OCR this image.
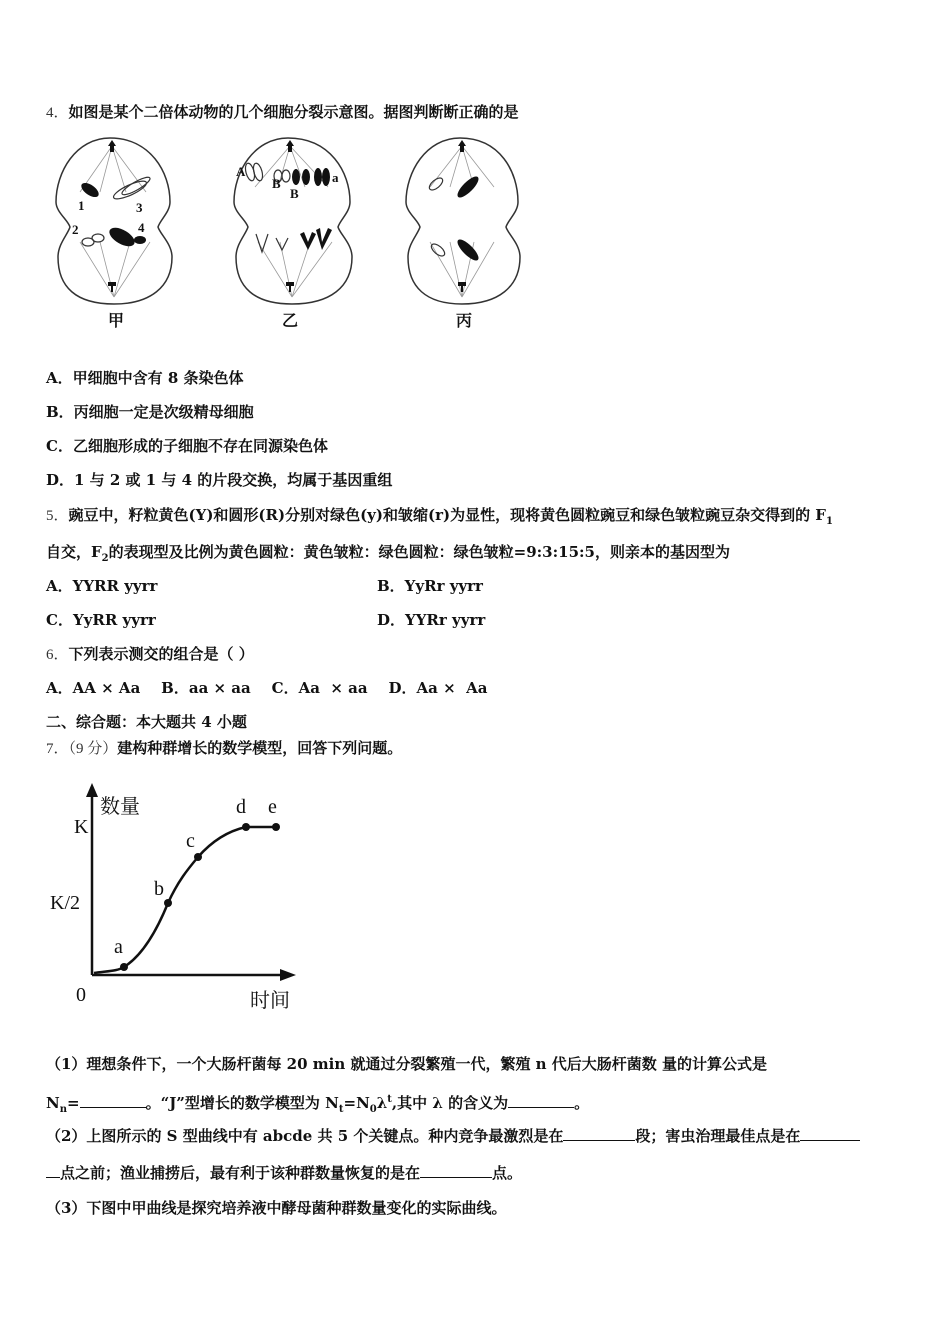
4．如图是某个二倍体动物的几个细胞分裂示意图。据图判断断正确的是
1	3
2	4
A
B
B
a
甲	乙	丙
A．甲细胞中含有 8 条染色体
B．丙细胞一定是次级精母细胞
C．乙细胞形成的子细胞不存在同源染色体
D．1 与 2 或 1 与 4 的片段交换，均属于基因重组
5．豌豆中，籽粒黄色(Y)和圆形(R)分别对绿色(y)和皱缩(r)为显性，现将黄色圆粒豌豆和绿色皱粒豌豆杂交得到的 $F_1$
自交，$F_2$的表现型及比例为黄色圆粒：黄色皱粒：绿色圆粒：绿色皱粒=9:3:15:5，则亲本的基因型为
A．YYRR yyrr	B．YyRr yyrr
C．YyRR yyrr	D．YYRr yyrr
6．下列表示测交的组合是（ ）
A．AA × Aa    B．aa × aa    C．Aa  × aa    D．Aa ×  Aa
二、综合题：本大题共 4 小题
7．（9 分）建构种群增长的数学模型，回答下列问题。
数量
时间
K
K/2
0
a
b
c
d e
（1）理想条件下，一个大肠杆菌每 20 min 就通过分裂繁殖一代，繁殖 n 代后大肠杆菌数 量的计算公式是
$N_n=$	。“J”型增长的数学模型为 $N_t=N_0\lambda^t$,其中 λ 的含义为	。
（2）上图所示的 S 型曲线中有 abcde 共 5 个关键点。种内竞争最激烈是在	段；害虫治理最佳点是在
点之前；渔业捕捞后，最有利于该种群数量恢复的是在	点。
（3）下图中甲曲线是探究培养液中酵母菌种群数量变化的实际曲线。
